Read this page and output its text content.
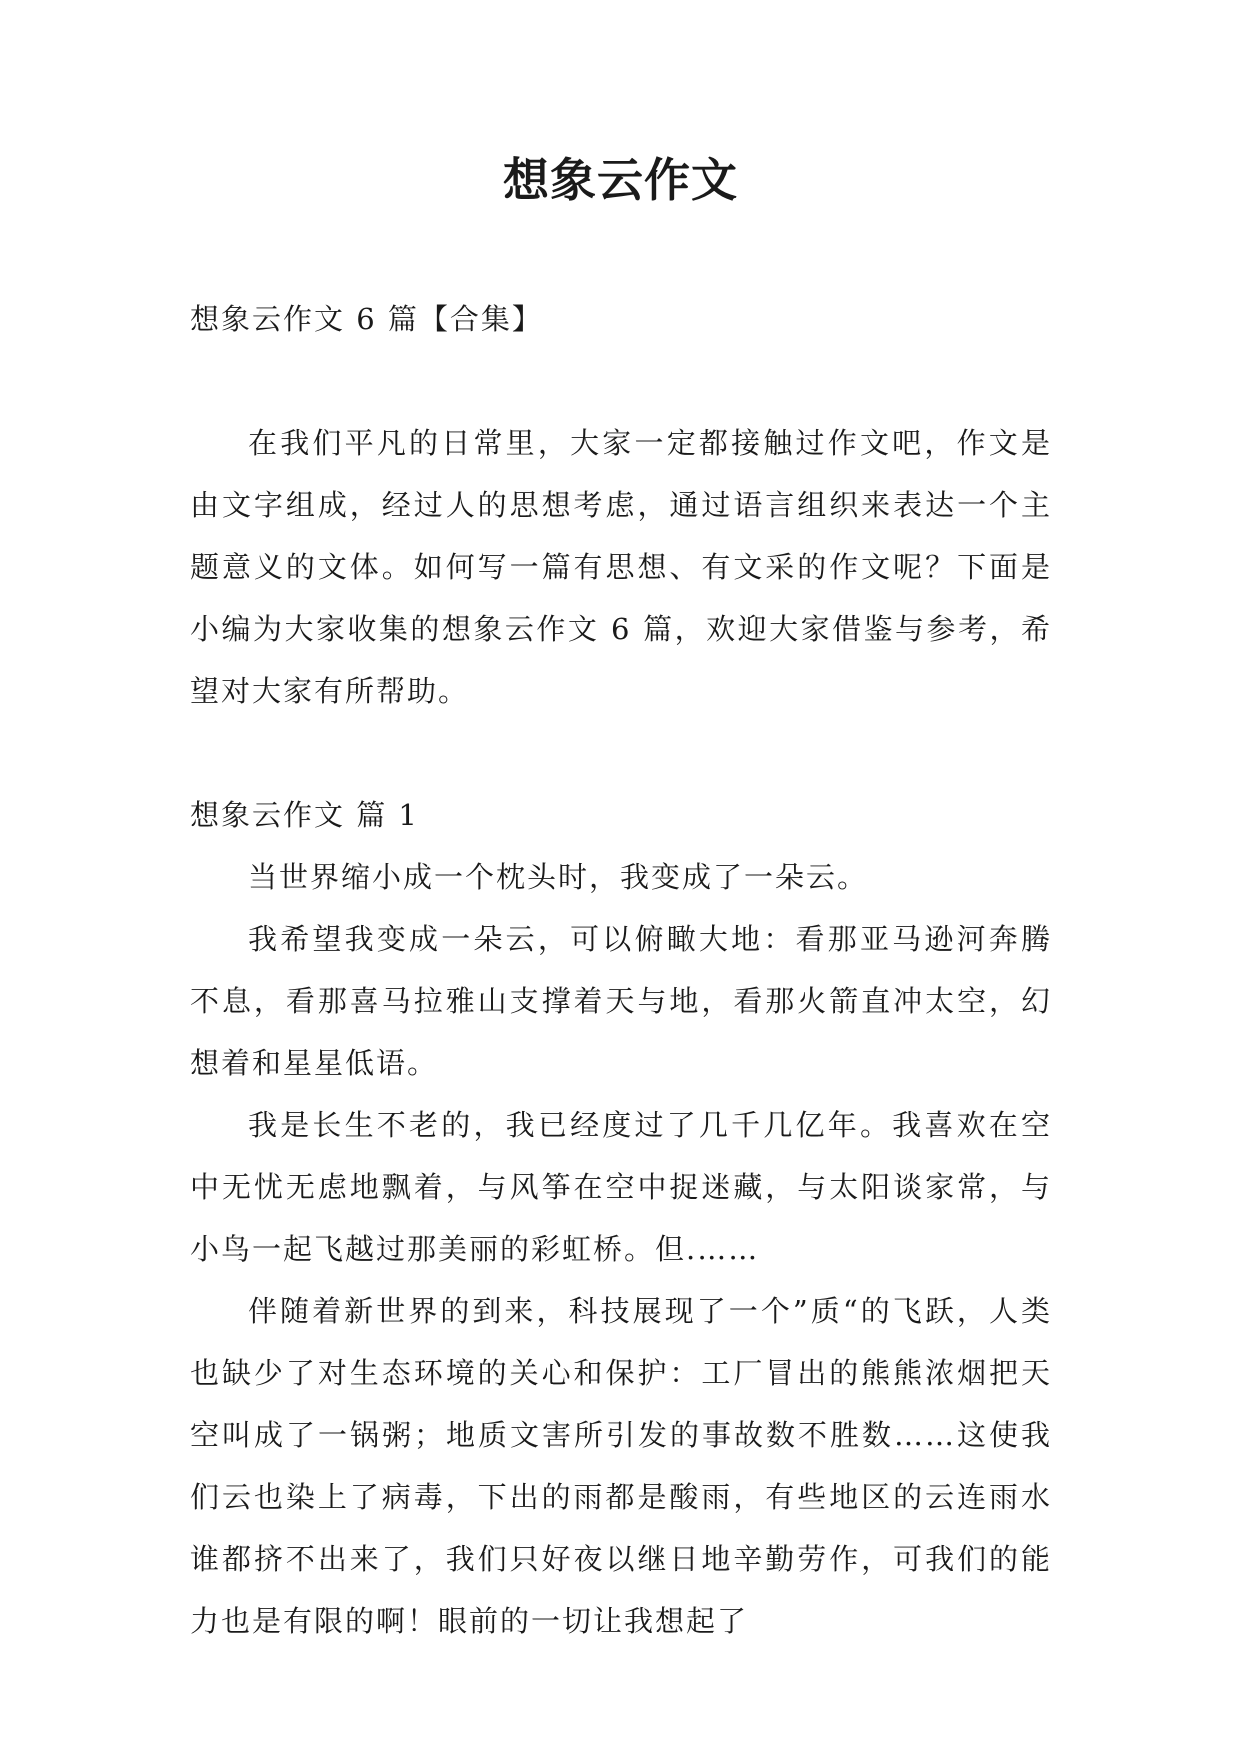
想象云作文

想象云作文 6 篇【合集】

在我们平凡的日常里，大家一定都接触过作文吧，作文是由文字组成，经过人的思想考虑，通过语言组织来表达一个主题意义的文体。如何写一篇有思想、有文采的作文呢？下面是小编为大家收集的想象云作文 6 篇，欢迎大家借鉴与参考，希望对大家有所帮助。

想象云作文 篇 1

当世界缩小成一个枕头时，我变成了一朵云。

我希望我变成一朵云，可以俯瞰大地：看那亚马逊河奔腾不息，看那喜马拉雅山支撑着天与地，看那火箭直冲太空，幻想着和星星低语。

我是长生不老的，我已经度过了几千几亿年。我喜欢在空中无忧无虑地飘着，与风筝在空中捉迷藏，与太阳谈家常，与小鸟一起飞越过那美丽的彩虹桥。但.……

伴随着新世界的到来，科技展现了一个”质“的飞跃，人类也缺少了对生态环境的关心和保护：工厂冒出的熊熊浓烟把天空叫成了一锅粥；地质文害所引发的事故数不胜数……这使我们云也染上了病毒，下出的雨都是酸雨，有些地区的云连雨水谁都挤不出来了，我们只好夜以继日地辛勤劳作，可我们的能力也是有限的啊！眼前的一切让我想起了
